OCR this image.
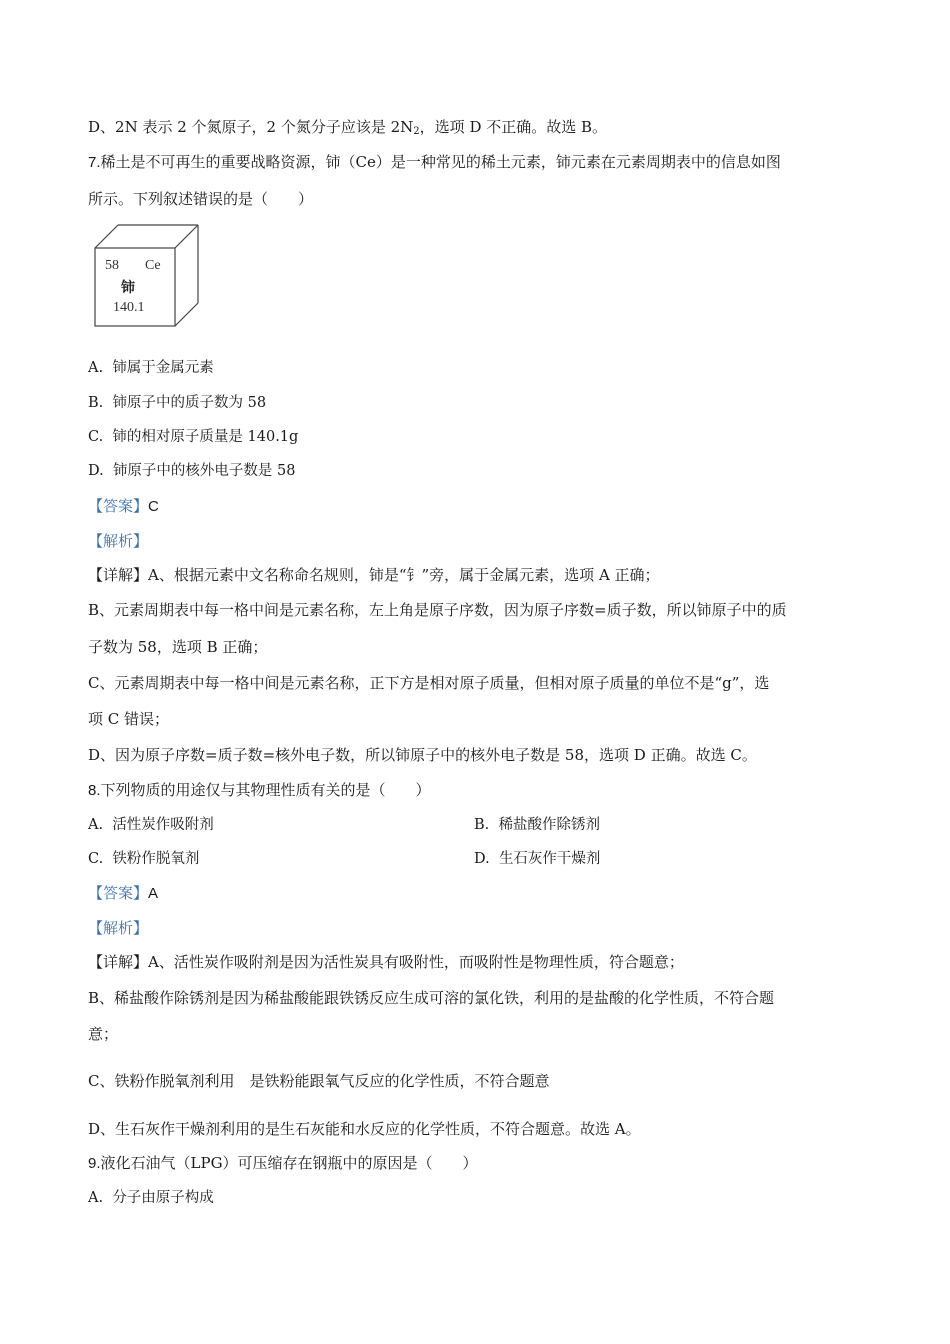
D、2N 表示 2 个氮原子，2 个氮分子应该是 $2N_2$，选项 D 不正确。故选 B。
7.稀土是不可再生的重要战略资源，铈（Ce）是一种常见的稀土元素，铈元素在元素周期表中的信息如图
所示。下列叙述错误的是（　　）
58 Ce
铈
140.1
A. 铈属于金属元素
B. 铈原子中的质子数为 58
C. 铈的相对原子质量是 140.1g
D. 铈原子中的核外电子数是 58
【答案】C
【解析】
【详解】A、根据元素中文名称命名规则，铈是“钅”旁，属于金属元素，选项 A 正确；
B、元素周期表中每一格中间是元素名称，左上角是原子序数，因为原子序数=质子数，所以铈原子中的质
子数为 58，选项 B 正确；
C、元素周期表中每一格中间是元素名称，正下方是相对原子质量，但相对原子质量的单位不是“g”，选
项 C 错误；
D、因为原子序数=质子数=核外电子数，所以铈原子中的核外电子数是 58，选项 D 正确。故选 C。
8.下列物质的用途仅与其物理性质有关的是（　　）
A. 活性炭作吸附剂	B. 稀盐酸作除锈剂
C. 铁粉作脱氧剂	D. 生石灰作干燥剂
【答案】A
【解析】
【详解】A、活性炭作吸附剂是因为活性炭具有吸附性，而吸附性是物理性质，符合题意；
B、稀盐酸作除锈剂是因为稀盐酸能跟铁锈反应生成可溶的氯化铁，利用的是盐酸的化学性质，不符合题
意；
C、铁粉作脱氧剂利用　是铁粉能跟氧气反应的化学性质，不符合题意
D、生石灰作干燥剂利用的是生石灰能和水反应的化学性质，不符合题意。故选 A。
9.液化石油气（LPG）可压缩存在钢瓶中的原因是（　　）
A. 分子由原子构成
